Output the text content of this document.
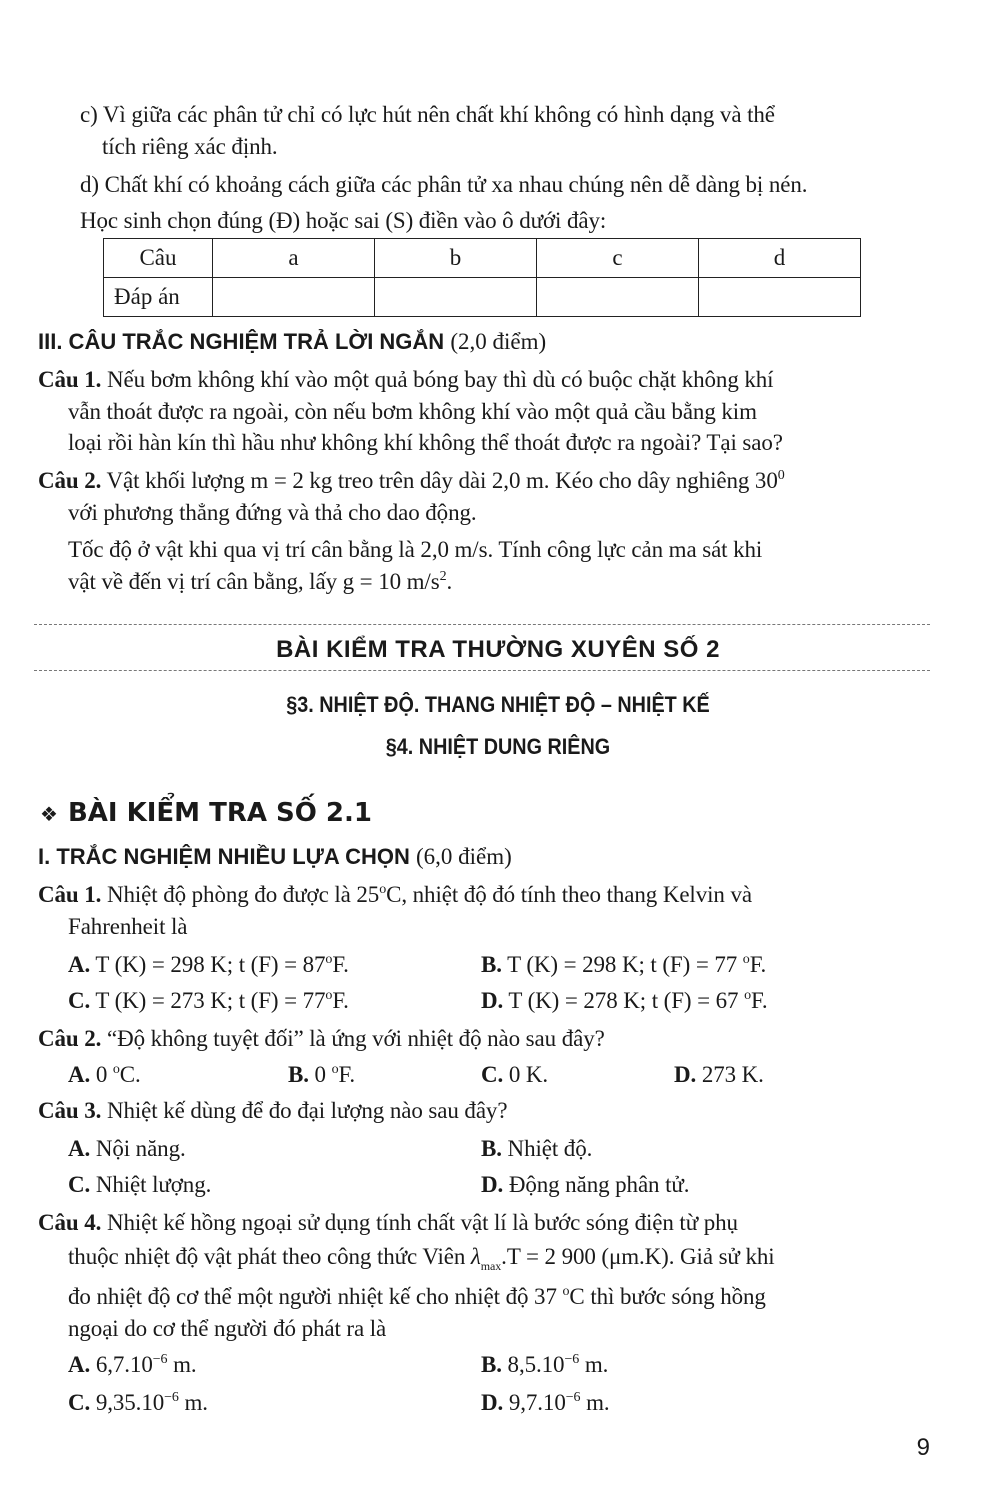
c) Vì giữa các phân tử chỉ có lực hút nên chất khí không có hình dạng và thể
tích riêng xác định.
d) Chất khí có khoảng cách giữa các phân tử xa nhau chúng nên dễ dàng bị nén.
Học sinh chọn đúng (Đ) hoặc sai (S) điền vào ô dưới đây:
Câu	a	b	c	d
Đáp án				
III. CÂU TRẮC NGHIỆM TRẢ LỜI NGẮN (2,0 điểm)
Câu 1. Nếu bơm không khí vào một quả bóng bay thì dù có buộc chặt không khí
vẫn thoát được ra ngoài, còn nếu bơm không khí vào một quả cầu bằng kim
loại rồi hàn kín thì hầu như không khí không thể thoát được ra ngoài? Tại sao?
Câu 2. Vật khối lượng m = 2 kg treo trên dây dài 2,0 m. Kéo cho dây nghiêng $30^0$
với phương thẳng đứng và thả cho dao động.
Tốc độ ở vật khi qua vị trí cân bằng là 2,0 m/s. Tính công lực cản ma sát khi
vật về đến vị trí cân bằng, lấy g = 10 $m/s^2$.
BÀI KIỂM TRA THƯỜNG XUYÊN SỐ 2
§3. NHIỆT ĐỘ. THANG NHIỆT ĐỘ – NHIỆT KẾ
§4. NHIỆT DUNG RIÊNG
❖ BÀI KIỂM TRA SỐ 2.1
I. TRẮC NGHIỆM NHIỀU LỰA CHỌN (6,0 điểm)
Câu 1. Nhiệt độ phòng đo được là 25$^o$C, nhiệt độ đó tính theo thang Kelvin và
Fahrenheit là
A. T (K) = 298 K; t $(F) = 87^oF$.	B. T (K) = 298 K; t (F) = 77 $^o$F.
C. T (K) = 273 K; t $(F) = 77^oF$.	D. T (K) = 278 K; t (F) = 67 $^o$F.
Câu 2. “Độ không tuyệt đối” là ứng với nhiệt độ nào sau đây?
A. 0 $^o$C.	B. 0 $^o$F.	C. 0 K.	D. 273 K.
Câu 3. Nhiệt kế dùng để đo đại lượng nào sau đây?
A. Nội năng.	B. Nhiệt độ.
C. Nhiệt lượng.	D. Động năng phân tử.
Câu 4. Nhiệt kế hồng ngoại sử dụng tính chất vật lí là bước sóng điện từ phụ
thuộc nhiệt độ vật phát theo công thức Viên $\lambda_{max}.T = 2$ 900 (μm.K). Giả sử khi
đo nhiệt độ cơ thể một người nhiệt kế cho nhiệt độ 37 $^o$C thì bước sóng hồng
ngoại do cơ thể người đó phát ra là
A. $6,7.10^{-6}$ m.	B. $8,5.10^{-6}$ m.
C. $9,35.10^{-6}$ m.	D. $9,7.10^{-6}$ m.
9
